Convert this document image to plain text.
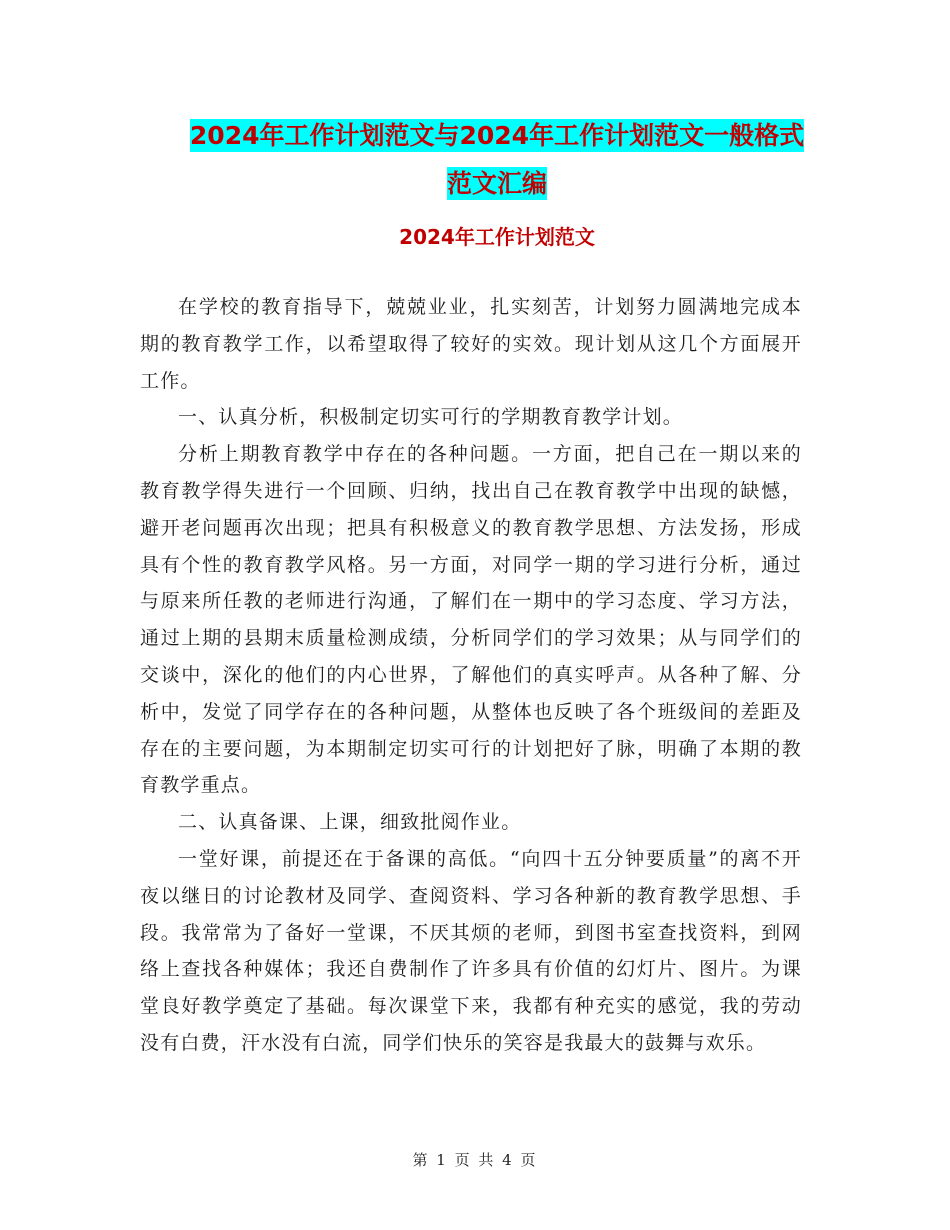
2024年工作计划范文与2024年工作计划范文一般格式
范文汇编
2024年工作计划范文

在学校的教育指导下，兢兢业业，扎实刻苦，计划努力圆满地完成本期的教育教学工作，以希望取得了较好的实效。现计划从这几个方面展开工作。

一、认真分析，积极制定切实可行的学期教育教学计划。

分析上期教育教学中存在的各种问题。一方面，把自己在一期以来的教育教学得失进行一个回顾、归纳，找出自己在教育教学中出现的缺憾，避开老问题再次出现；把具有积极意义的教育教学思想、方法发扬，形成具有个性的教育教学风格。另一方面，对同学一期的学习进行分析，通过与原来所任教的老师进行沟通，了解们在一期中的学习态度、学习方法，通过上期的县期末质量检测成绩，分析同学们的学习效果；从与同学们的交谈中，深化的他们的内心世界，了解他们的真实呼声。从各种了解、分析中，发觉了同学存在的各种问题，从整体也反映了各个班级间的差距及存在的主要问题，为本期制定切实可行的计划把好了脉，明确了本期的教育教学重点。

二、认真备课、上课，细致批阅作业。

一堂好课，前提还在于备课的高低。“向四十五分钟要质量”的离不开夜以继日的讨论教材及同学、查阅资料、学习各种新的教育教学思想、手段。我常常为了备好一堂课，不厌其烦的老师，到图书室查找资料，到网络上查找各种媒体；我还自费制作了许多具有价值的幻灯片、图片。为课堂良好教学奠定了基础。每次课堂下来，我都有种充实的感觉，我的劳动没有白费，汗水没有白流，同学们快乐的笑容是我最大的鼓舞与欢乐。

第 1 页 共 4 页
